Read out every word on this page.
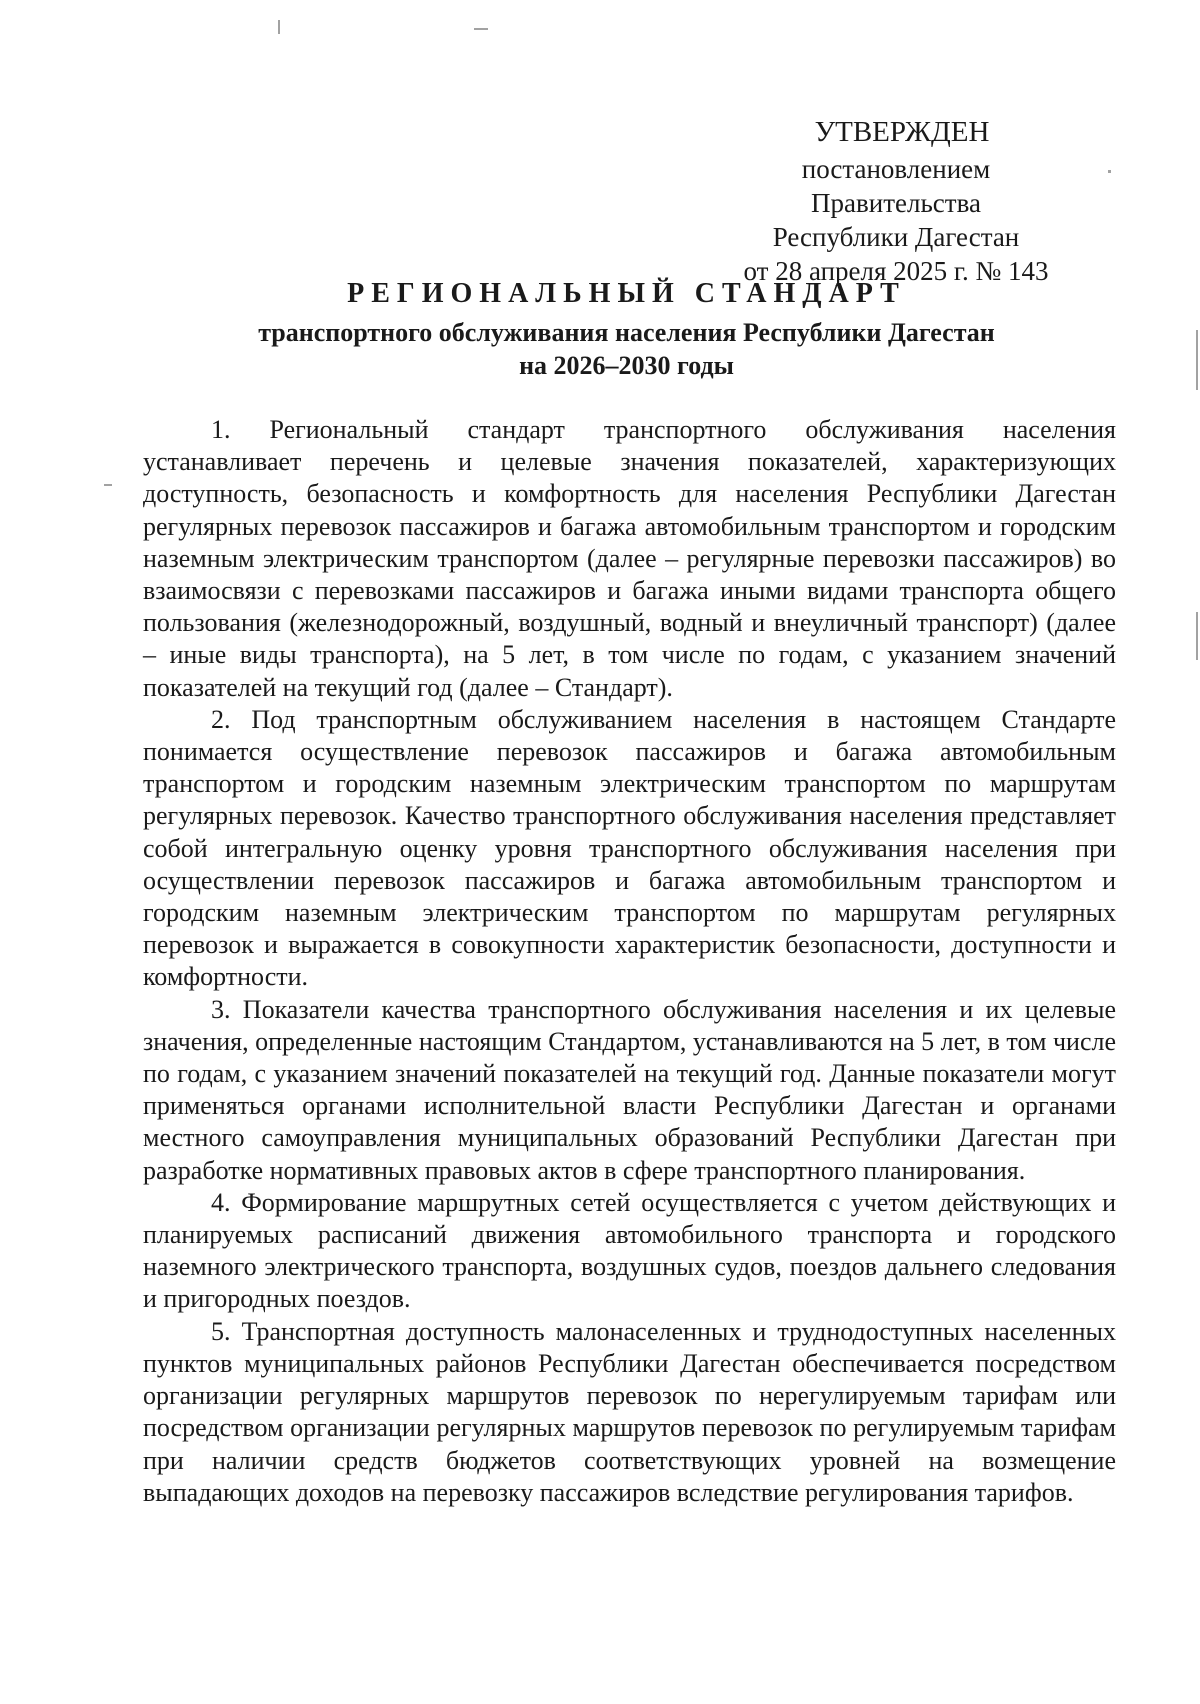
УТВЕРЖДЕН
постановлением Правительства
Республики Дагестан
от 28 апреля 2025 г. № 143
РЕГИОНАЛЬНЫЙ СТАНДАРТ
транспортного обслуживания населения Республики Дагестан
на 2026–2030 годы

1. Региональный стандарт транспортного обслуживания населения устанавливает перечень и целевые значения показателей, характеризующих доступность, безопасность и комфортность для населения Республики Дагестан регулярных перевозок пассажиров и багажа автомобильным транспортом и городским наземным электрическим транспортом (далее – регулярные перевозки пассажиров) во взаимосвязи с перевозками пассажиров и багажа иными видами транспорта общего пользования (железнодорожный, воздушный, водный и внеуличный транспорт) (далее – иные виды транспорта), на 5 лет, в том числе по годам, с указанием значений показателей на текущий год (далее – Стандарт).

2. Под транспортным обслуживанием населения в настоящем Стандарте понимается осуществление перевозок пассажиров и багажа автомобильным транспортом и городским наземным электрическим транспортом по маршрутам регулярных перевозок. Качество транспортного обслуживания населения представляет собой интегральную оценку уровня транспортного обслуживания населения при осуществлении перевозок пассажиров и багажа автомобильным транспортом и городским наземным электрическим транспортом по маршрутам регулярных перевозок и выражается в совокупности характеристик безопасности, доступности и комфортности.

3. Показатели качества транспортного обслуживания населения и их целевые значения, определенные настоящим Стандартом, устанавливаются на 5 лет, в том числе по годам, с указанием значений показателей на текущий год. Данные показатели могут применяться органами исполнительной власти Республики Дагестан и органами местного самоуправления муниципальных образований Республики Дагестан при разработке нормативных правовых актов в сфере транспортного планирования.

4. Формирование маршрутных сетей осуществляется с учетом действующих и планируемых расписаний движения автомобильного транспорта и городского наземного электрического транспорта, воздушных судов, поездов дальнего следования и пригородных поездов.

5. Транспортная доступность малонаселенных и труднодоступных населенных пунктов муниципальных районов Республики Дагестан обеспечивается посредством организации регулярных маршрутов перевозок по нерегулируемым тарифам или посредством организации регулярных маршрутов перевозок по регулируемым тарифам при наличии средств бюджетов соответствующих уровней на возмещение выпадающих доходов на перевозку пассажиров вследствие регулирования тарифов.
